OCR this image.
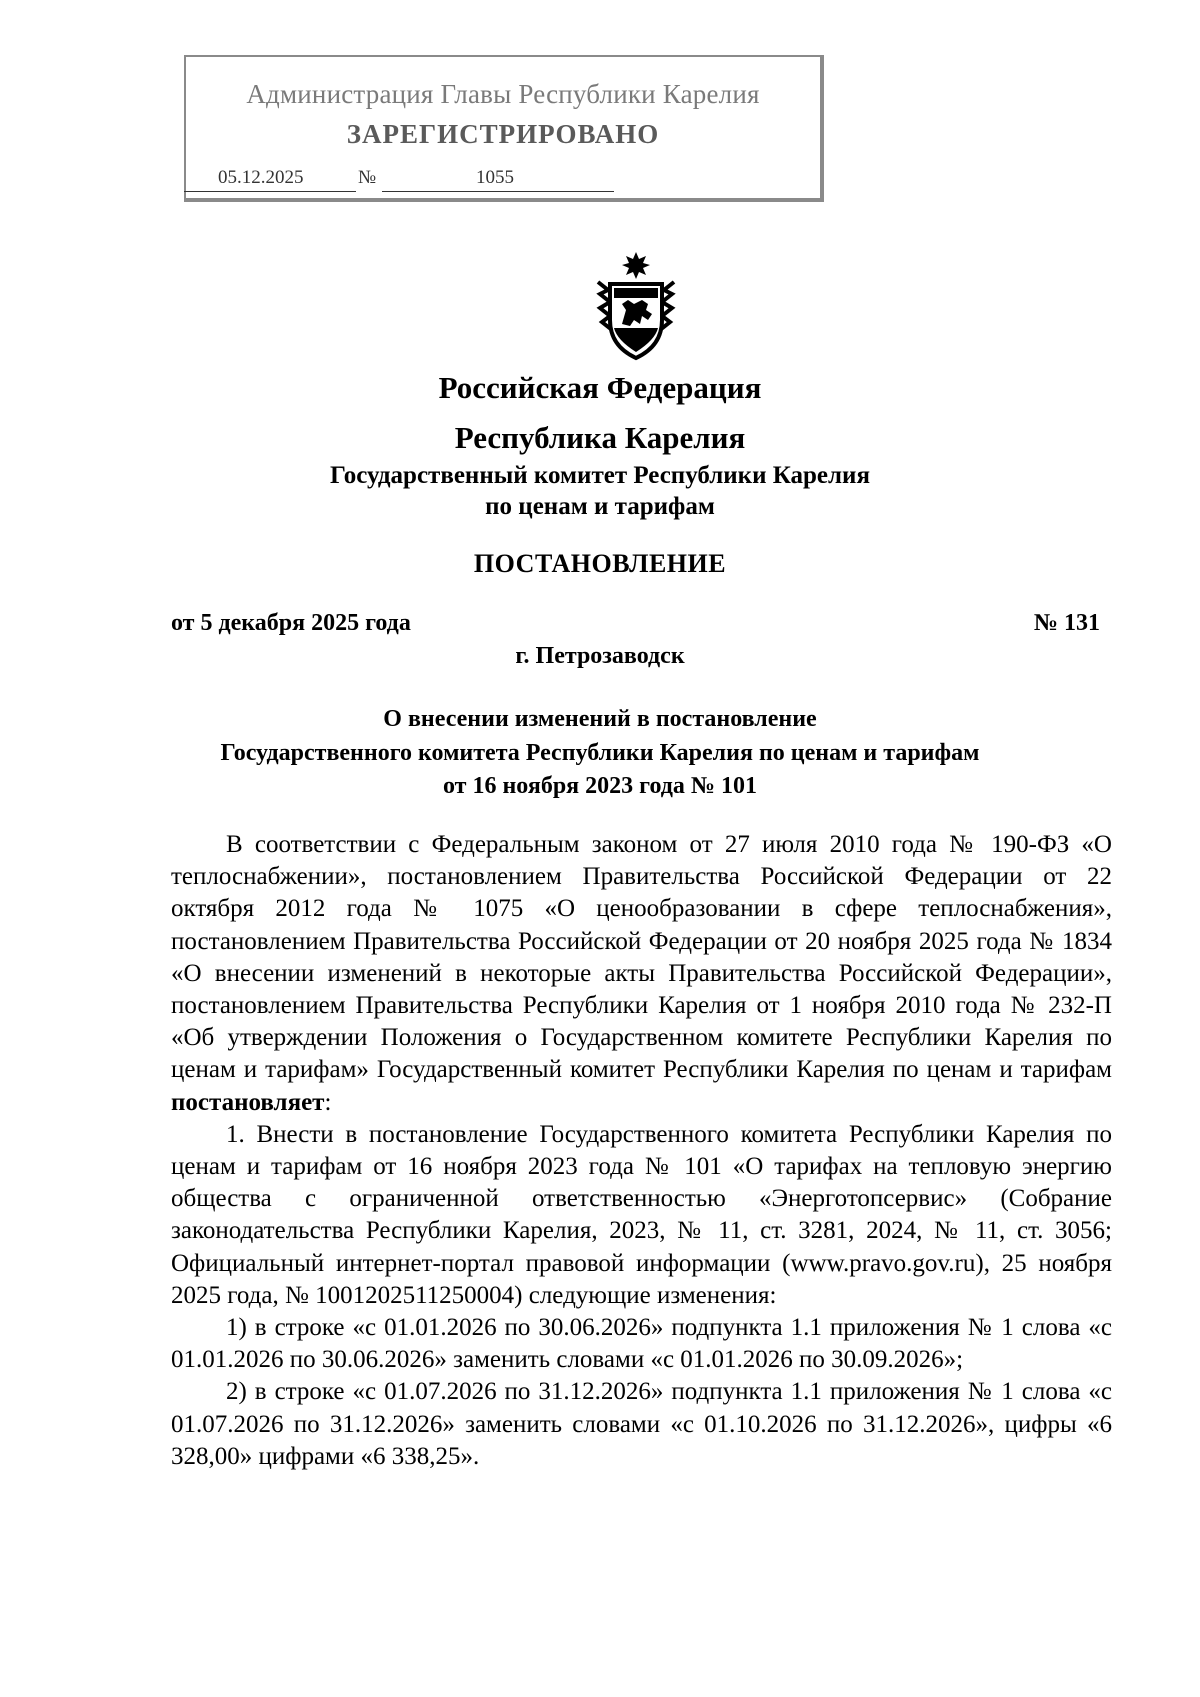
Администрация Главы Республики Карелия
ЗАРЕГИСТРИРОВАНО
05.12.2025	№	1055
Российская Федерация
Республика Карелия
Государственный комитет Республики Карелия
по ценам и тарифам
ПОСТАНОВЛЕНИЕ
от 5 декабря 2025 года	№ 131
г. Петрозаводск
О внесении изменений в постановление
Государственного комитета Республики Карелия по ценам и тарифам
от 16 ноября 2023 года № 101

В соответствии с Федеральным законом от 27 июля 2010 года № 190-ФЗ «О теплоснабжении», постановлением Правительства Российской Федерации от 22 октября 2012 года № 1075 «О ценообразовании в сфере теплоснабжения», постановлением Правительства Российской Федерации от 20 ноября 2025 года № 1834 «О внесении изменений в некоторые акты Правительства Российской Федерации», постановлением Правительства Республики Карелия от 1 ноября 2010 года № 232-П «Об утверждении Положения о Государственном комитете Республики Карелия по ценам и тарифам» Государственный комитет Республики Карелия по ценам и тарифам постановляет:

1. Внести в постановление Государственного комитета Республики Карелия по ценам и тарифам от 16 ноября 2023 года № 101 «О тарифах на тепловую энергию общества с ограниченной ответственностью «Энерготопсервис» (Собрание законодательства Республики Карелия, 2023, № 11, ст. 3281, 2024, № 11, ст. 3056; Официальный интернет-портал правовой информации (www.pravo.gov.ru), 25 ноября 2025 года, № 1001202511250004) следующие изменения:

1) в строке «с 01.01.2026 по 30.06.2026» подпункта 1.1 приложения № 1 слова «с 01.01.2026 по 30.06.2026» заменить словами «с 01.01.2026 по 30.09.2026»;

2) в строке «с 01.07.2026 по 31.12.2026» подпункта 1.1 приложения № 1 слова «с 01.07.2026 по 31.12.2026» заменить словами «с 01.10.2026 по 31.12.2026», цифры «6 328,00» цифрами «6 338,25».
